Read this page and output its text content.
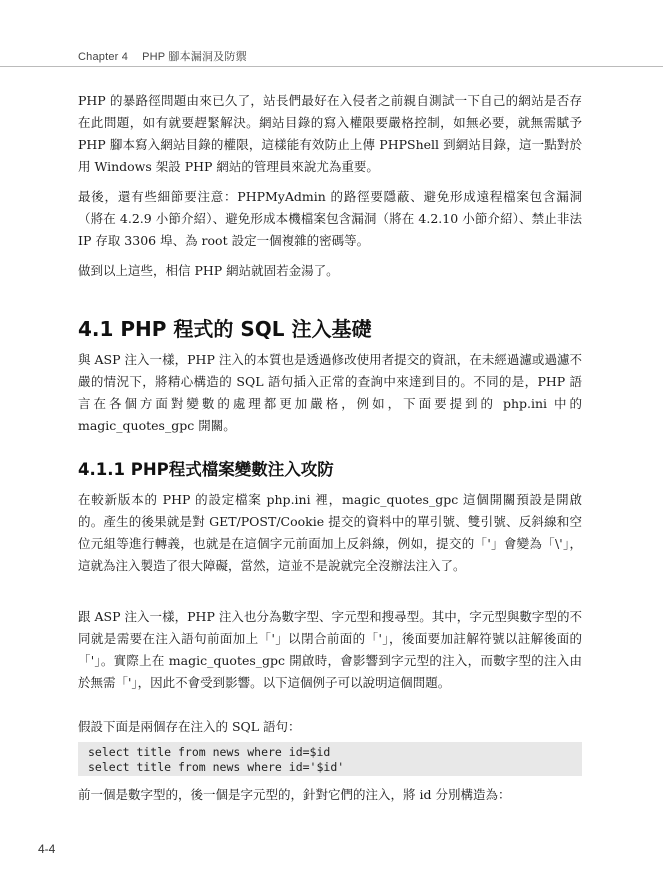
Chapter 4 PHP 腳本漏洞及防禦
PHP 的暴路徑問題由來已久了，站長們最好在入侵者之前親自測試一下自己的網站是否存在此問題，如有就要趕緊解決。網站目錄的寫入權限要嚴格控制，如無必要，就無需賦予 PHP 腳本寫入網站目錄的權限，這樣能有效防止上傳 PHPShell 到網站目錄，這一點對於用 Windows 架設 PHP 網站的管理員來說尤為重要。
最後，還有些細節要注意：PHPMyAdmin 的路徑要隱蔽、避免形成遠程檔案包含漏洞（將在 4.2.9 小節介紹）、避免形成本機檔案包含漏洞（將在 4.2.10 小節介紹）、禁止非法 IP 存取 3306 埠、為 root 設定一個複雜的密碼等。
做到以上這些，相信 PHP 網站就固若金湯了。
4.1 PHP 程式的 SQL 注入基礎
與 ASP 注入一樣，PHP 注入的本質也是透過修改使用者提交的資訊，在未經過濾或過濾不嚴的情況下，將精心構造的 SQL 語句插入正常的查詢中來達到目的。不同的是，PHP 語言在各個方面對變數的處理都更加嚴格，例如，下面要提到的 php.ini 中的 magic_quotes_gpc 開關。
4.1.1 PHP程式檔案變數注入攻防
在較新版本的 PHP 的設定檔案 php.ini 裡，magic_quotes_gpc 這個開關預設是開啟的。產生的後果就是對 GET/POST/Cookie 提交的資料中的單引號、雙引號、反斜線和空位元組等進行轉義，也就是在這個字元前面加上反斜線，例如，提交的「'」會變為「\'」，這就為注入製造了很大障礙，當然，這並不是說就完全沒辦法注入了。
跟 ASP 注入一樣，PHP 注入也分為數字型、字元型和搜尋型。其中，字元型與數字型的不同就是需要在注入語句前面加上「'」以閉合前面的「'」，後面要加註解符號以註解後面的「'」。實際上在 magic_quotes_gpc 開啟時，會影響到字元型的注入，而數字型的注入由於無需「'」，因此不會受到影響。以下這個例子可以說明這個問題。
假設下面是兩個存在注入的 SQL 語句：
select title from news where id=$id
select title from news where id='$id'
前一個是數字型的，後一個是字元型的，針對它們的注入，將 id 分別構造為：
4-4
